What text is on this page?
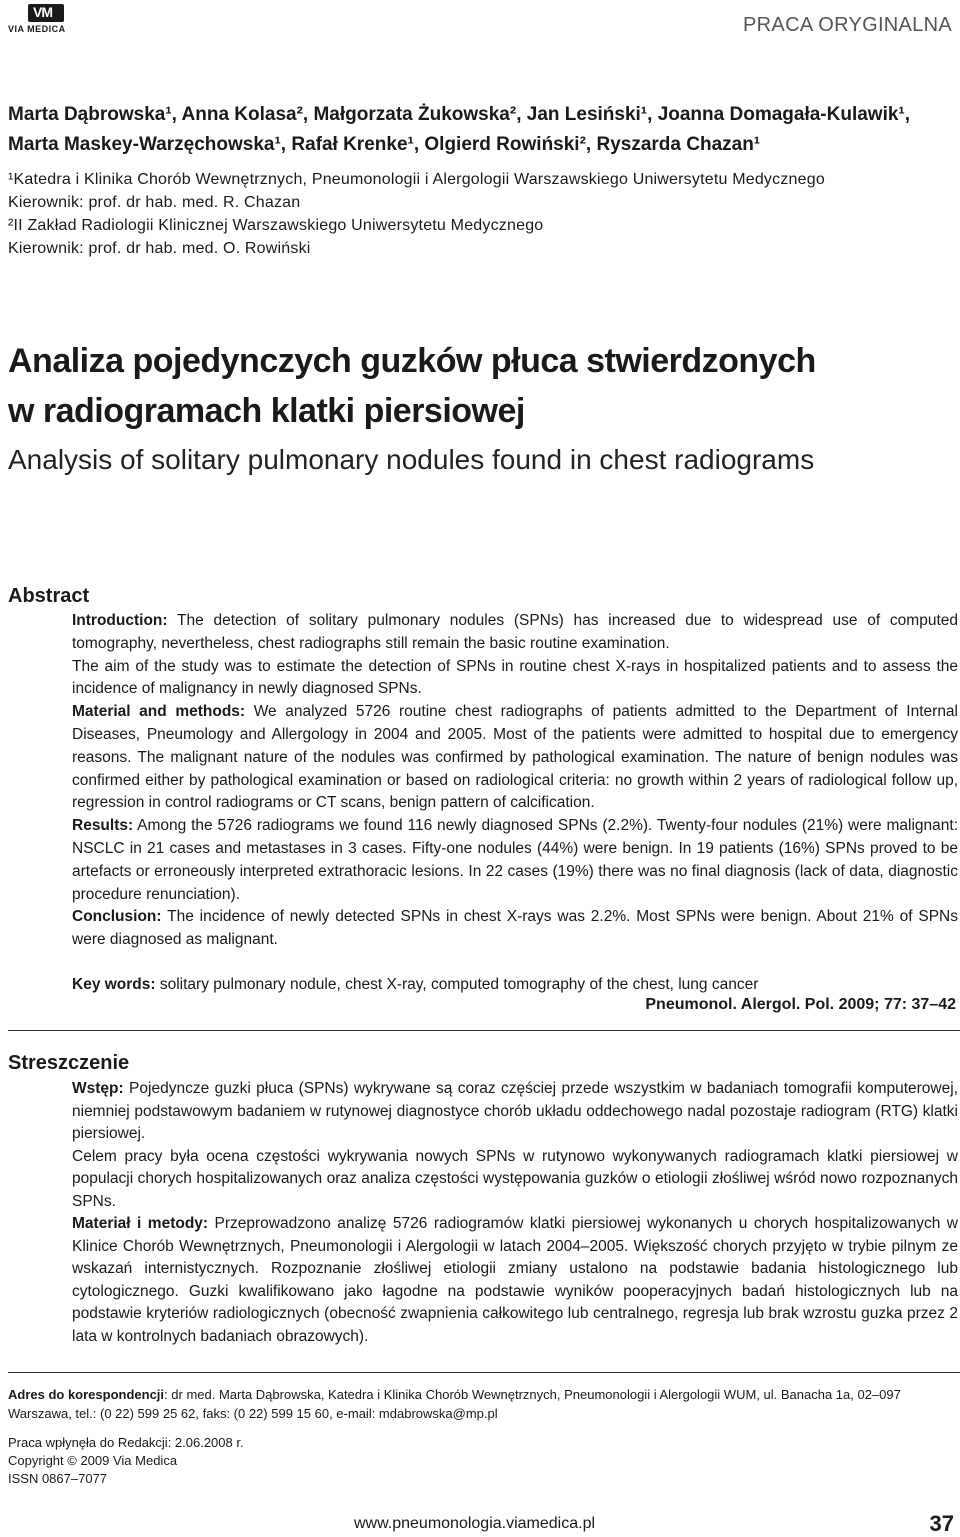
VM
VIA MEDICA	PRACA ORYGINALNA
Marta Dąbrowska¹, Anna Kolasa², Małgorzata Żukowska², Jan Lesiński¹, Joanna Domagała-Kulawik¹,
Marta Maskey-Warzęchowska¹, Rafał Krenke¹, Olgierd Rowiński², Ryszarda Chazan¹
¹Katedra i Klinika Chorób Wewnętrznych, Pneumonologii i Alergologii Warszawskiego Uniwersytetu Medycznego
Kierownik: prof. dr hab. med. R. Chazan
²II Zakład Radiologii Klinicznej Warszawskiego Uniwersytetu Medycznego
Kierownik: prof. dr hab. med. O. Rowiński
Analiza pojedynczych guzków płuca stwierdzonych
w radiogramach klatki piersiowej
Analysis of solitary pulmonary nodules found in chest radiograms
Abstract

Introduction: The detection of solitary pulmonary nodules (SPNs) has increased due to widespread use of computed tomography, nevertheless, chest radiographs still remain the basic routine examination.

The aim of the study was to estimate the detection of SPNs in routine chest X-rays in hospitalized patients and to assess the incidence of malignancy in newly diagnosed SPNs.

Material and methods: We analyzed 5726 routine chest radiographs of patients admitted to the Department of Internal Diseases, Pneumology and Allergology in 2004 and 2005. Most of the patients were admitted to hospital due to emergency reasons. The malignant nature of the nodules was confirmed by pathological examination. The nature of benign nodules was confirmed either by pathological examination or based on radiological criteria: no growth within 2 years of radiological follow up, regression in control radiograms or CT scans, benign pattern of calcification.

Results: Among the 5726 radiograms we found 116 newly diagnosed SPNs (2.2%). Twenty-four nodules (21%) were malignant: NSCLC in 21 cases and metastases in 3 cases. Fifty-one nodules (44%) were benign. In 19 patients (16%) SPNs proved to be artefacts or erroneously interpreted extrathoracic lesions. In 22 cases (19%) there was no final diagnosis (lack of data, diagnostic procedure renunciation).

Conclusion: The incidence of newly detected SPNs in chest X-rays was 2.2%. Most SPNs were benign. About 21% of SPNs were diagnosed as malignant.

Key words: solitary pulmonary nodule, chest X-ray, computed tomography of the chest, lung cancer
Pneumonol. Alergol. Pol. 2009; 77: 37–42
Streszczenie

Wstęp: Pojedyncze guzki płuca (SPNs) wykrywane są coraz częściej przede wszystkim w badaniach tomografii komputerowej, niemniej podstawowym badaniem w rutynowej diagnostyce chorób układu oddechowego nadal pozostaje radiogram (RTG) klatki piersiowej.

Celem pracy była ocena częstości wykrywania nowych SPNs w rutynowo wykonywanych radiogramach klatki piersiowej w populacji chorych hospitalizowanych oraz analiza częstości występowania guzków o etiologii złośliwej wśród nowo rozpoznanych SPNs.

Materiał i metody: Przeprowadzono analizę 5726 radiogramów klatki piersiowej wykonanych u chorych hospitalizowanych w Klinice Chorób Wewnętrznych, Pneumonologii i Alergologii w latach 2004–2005. Większość chorych przyjęto w trybie pilnym ze wskazań internistycznych. Rozpoznanie złośliwej etiologii zmiany ustalono na podstawie badania histologicznego lub cytologicznego. Guzki kwalifikowano jako łagodne na podstawie wyników pooperacyjnych badań histologicznych lub na podstawie kryteriów radiologicznych (obecność zwapnienia całkowitego lub centralnego, regresja lub brak wzrostu guzka przez 2 lata w kontrolnych badaniach obrazowych).

Adres do korespondencji: dr med. Marta Dąbrowska, Katedra i Klinika Chorób Wewnętrznych, Pneumonologii i Alergologii WUM, ul. Banacha 1a, 02–097 Warszawa, tel.: (0 22) 599 25 62, faks: (0 22) 599 15 60, e-mail: mdabrowska@mp.pl
Praca wpłynęła do Redakcji: 2.06.2008 r.
Copyright © 2009 Via Medica
ISSN 0867–7077
www.pneumonologia.viamedica.pl	37
